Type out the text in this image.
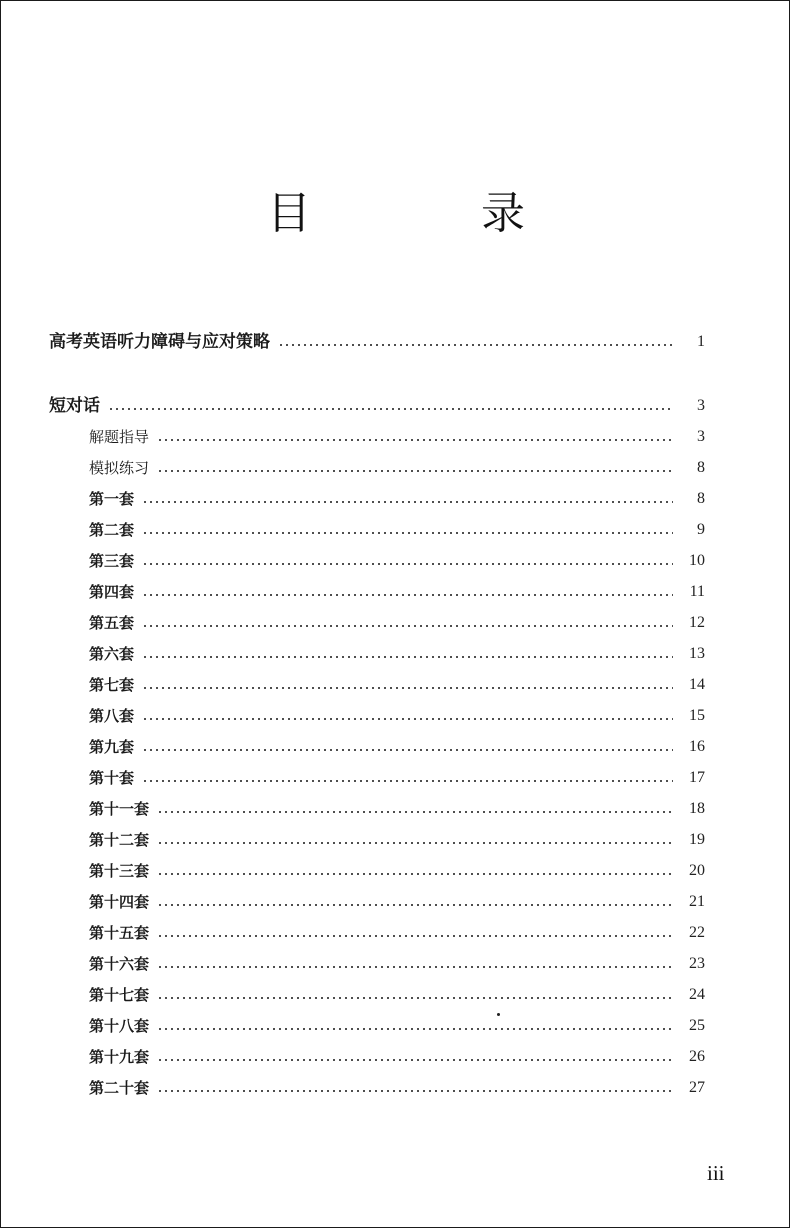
目 录
高考英语听力障碍与应对策略	1
短对话	3
解题指导	3
模拟练习	8
第一套	8
第二套	9
第三套	10
第四套	11
第五套	12
第六套	13
第七套	14
第八套	15
第九套	16
第十套	17
第十一套	18
第十二套	19
第十三套	20
第十四套	21
第十五套	22
第十六套	23
第十七套	24
第十八套	25
第十九套	26
第二十套	27
iii
